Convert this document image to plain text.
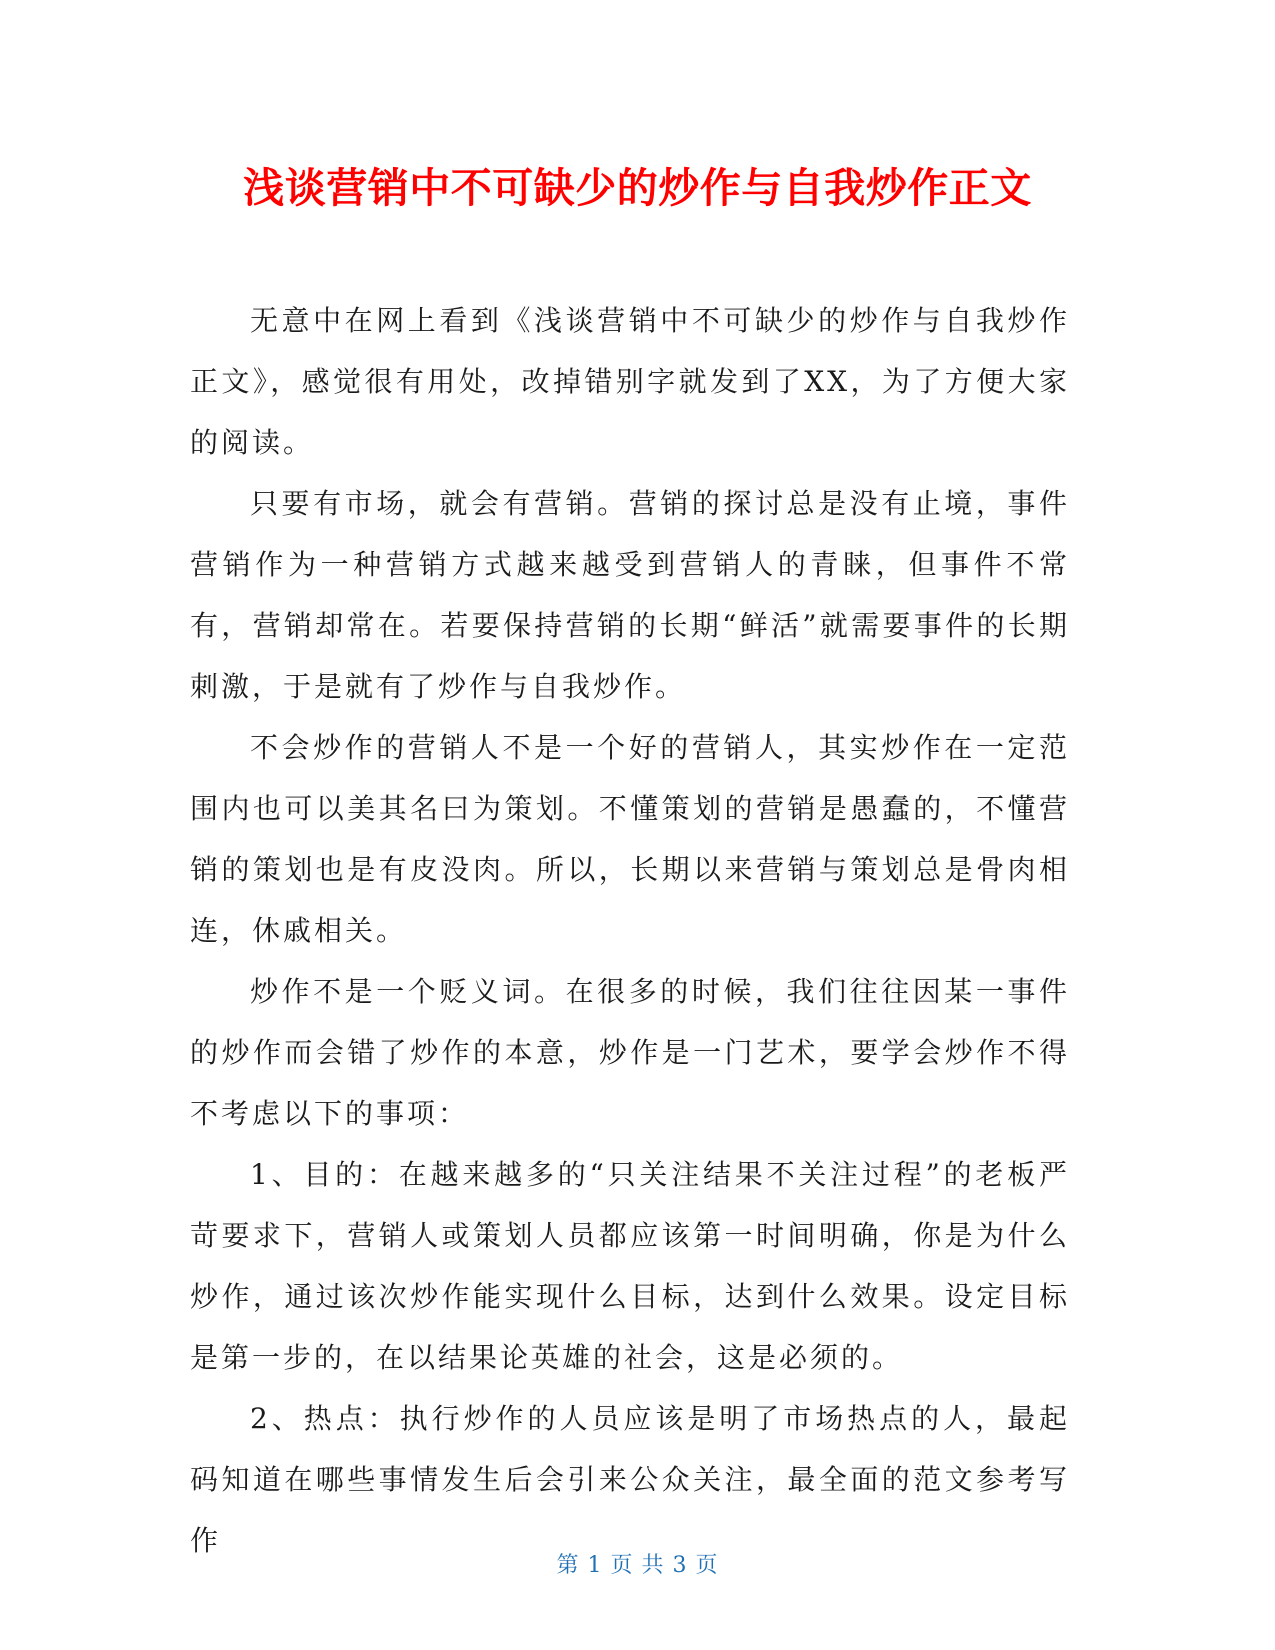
浅谈营销中不可缺少的炒作与自我炒作正文

无意中在网上看到《浅谈营销中不可缺少的炒作与自我炒作正文》，感觉很有用处，改掉错别字就发到了XX，为了方便大家的阅读。

只要有市场，就会有营销。营销的探讨总是没有止境，事件营销作为一种营销方式越来越受到营销人的青睐，但事件不常有，营销却常在。若要保持营销的长期“鲜活”就需要事件的长期刺激，于是就有了炒作与自我炒作。

不会炒作的营销人不是一个好的营销人，其实炒作在一定范围内也可以美其名曰为策划。不懂策划的营销是愚蠢的，不懂营销的策划也是有皮没肉。所以，长期以来营销与策划总是骨肉相连，休戚相关。

炒作不是一个贬义词。在很多的时候，我们往往因某一事件的炒作而会错了炒作的本意，炒作是一门艺术，要学会炒作不得不考虑以下的事项：

1、目的：在越来越多的“只关注结果不关注过程”的老板严苛要求下，营销人或策划人员都应该第一时间明确，你是为什么炒作，通过该次炒作能实现什么目标，达到什么效果。设定目标是第一步的，在以结果论英雄的社会，这是必须的。

2、热点：执行炒作的人员应该是明了市场热点的人，最起码知道在哪些事情发生后会引来公众关注，最全面的范文参考写作

第 1 页 共 3 页
